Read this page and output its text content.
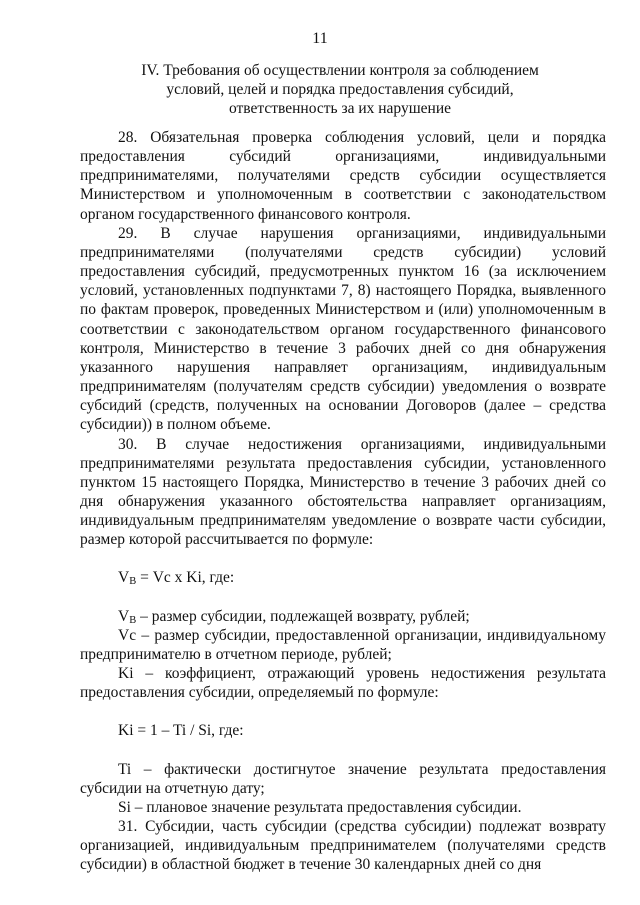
11
IV. Требования об осуществлении контроля за соблюдением
условий, целей и порядка предоставления субсидий,
ответственность за их нарушение

28. Обязательная проверка соблюдения условий, цели и порядка предоставления субсидий организациями, индивидуальными предпринимателями, получателями средств субсидии осуществляется Министерством и уполномоченным в соответствии с законодательством органом государственного финансового контроля.

29. В случае нарушения организациями, индивидуальными предпринимателями (получателями средств субсидии) условий предоставления субсидий, предусмотренных пунктом 16 (за исключением условий, установленных подпунктами 7, 8) настоящего Порядка, выявленного по фактам проверок, проведенных Министерством и (или) уполномоченным в соответствии с законодательством органом государственного финансового контроля, Министерство в течение 3 рабочих дней со дня обнаружения указанного нарушения направляет организациям, индивидуальным предпринимателям (получателям средств субсидии) уведомления о возврате субсидий (средств, полученных на основании Договоров (далее – средства субсидии)) в полном объеме.

30. В случае недостижения организациями, индивидуальными предпринимателями результата предоставления субсидии, установленного пунктом 15 настоящего Порядка, Министерство в течение 3 рабочих дней со дня обнаружения указанного обстоятельства направляет организациям, индивидуальным предпринимателям уведомление о возврате части субсидии, размер которой рассчитывается по формуле:

$V_В = Vc$ x Ki, где:

$V_В$ – размер субсидии, подлежащей возврату, рублей;

Vc – размер субсидии, предоставленной организации, индивидуальному предпринимателю в отчетном периоде, рублей;

Ki – коэффициент, отражающий уровень недостижения результата предоставления субсидии, определяемый по формуле:

Ki = 1 – Ti / Si, где:

Ti – фактически достигнутое значение результата предоставления субсидии на отчетную дату;

Si – плановое значение результата предоставления субсидии.

31. Субсидии, часть субсидии (средства субсидии) подлежат возврату организацией, индивидуальным предпринимателем (получателями средств субсидии) в областной бюджет в течение 30 календарных дней со дня
